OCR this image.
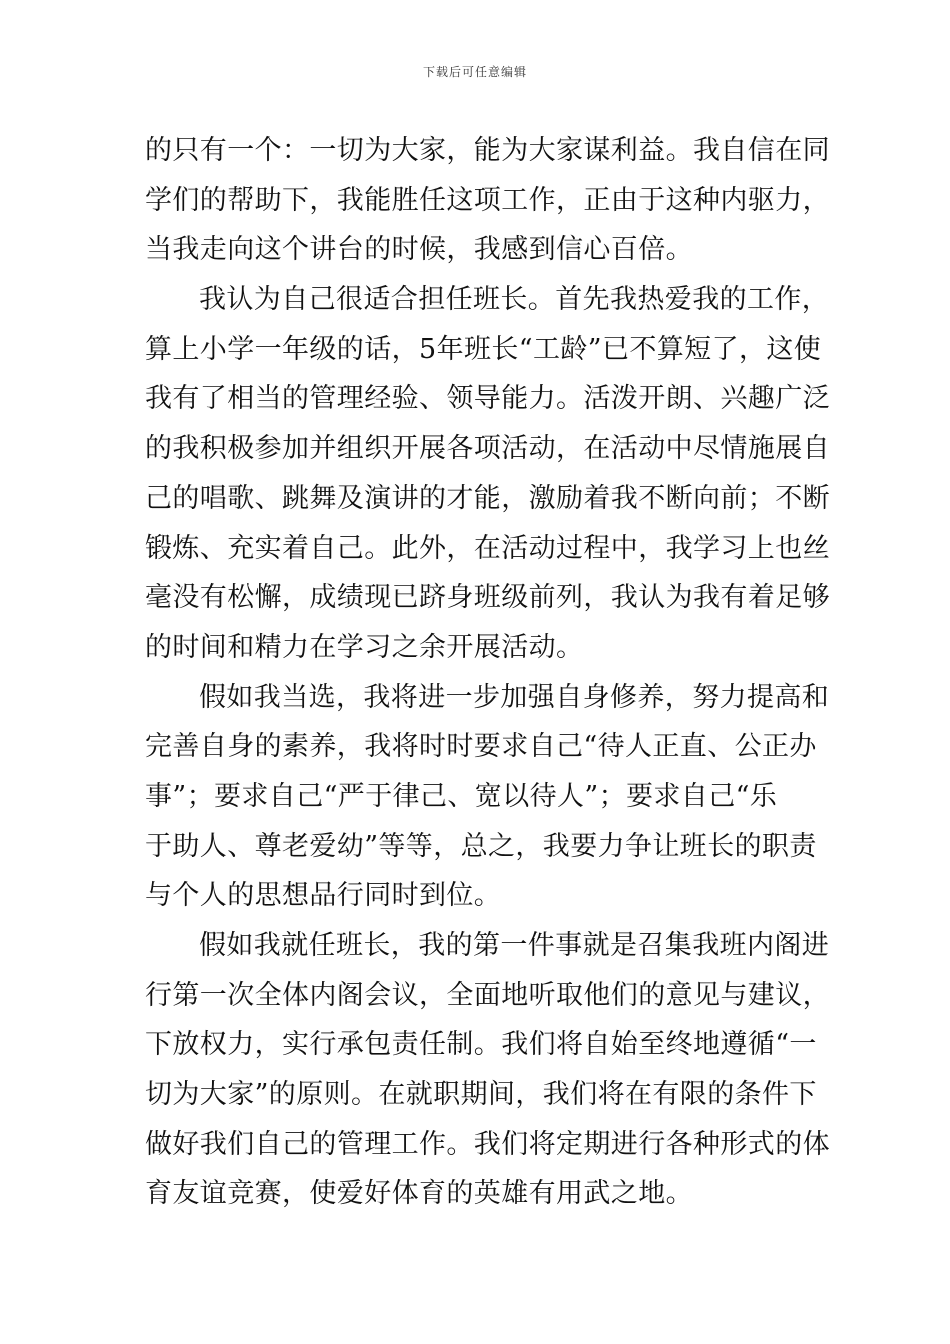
下载后可任意编辑
的只有一个：一切为大家，能为大家谋利益。我自信在同
学们的帮助下，我能胜任这项工作，正由于这种内驱力，
当我走向这个讲台的时候，我感到信心百倍。
我认为自己很适合担任班长。首先我热爱我的工作，
算上小学一年级的话，5年班长“工龄”已不算短了，这使
我有了相当的管理经验、领导能力。活泼开朗、兴趣广泛
的我积极参加并组织开展各项活动，在活动中尽情施展自
己的唱歌、跳舞及演讲的才能，激励着我不断向前；不断
锻炼、充实着自己。此外，在活动过程中，我学习上也丝
毫没有松懈，成绩现已跻身班级前列，我认为我有着足够
的时间和精力在学习之余开展活动。
假如我当选，我将进一步加强自身修养，努力提高和
完善自身的素养，我将时时要求自己“待人正直、公正办
事”；要求自己“严于律己、宽以待人”；要求自己“乐
于助人、尊老爱幼”等等，总之，我要力争让班长的职责
与个人的思想品行同时到位。
假如我就任班长，我的第一件事就是召集我班内阁进
行第一次全体内阁会议，全面地听取他们的意见与建议，
下放权力，实行承包责任制。我们将自始至终地遵循“一
切为大家”的原则。在就职期间，我们将在有限的条件下
做好我们自己的管理工作。我们将定期进行各种形式的体
育友谊竞赛，使爱好体育的英雄有用武之地。
